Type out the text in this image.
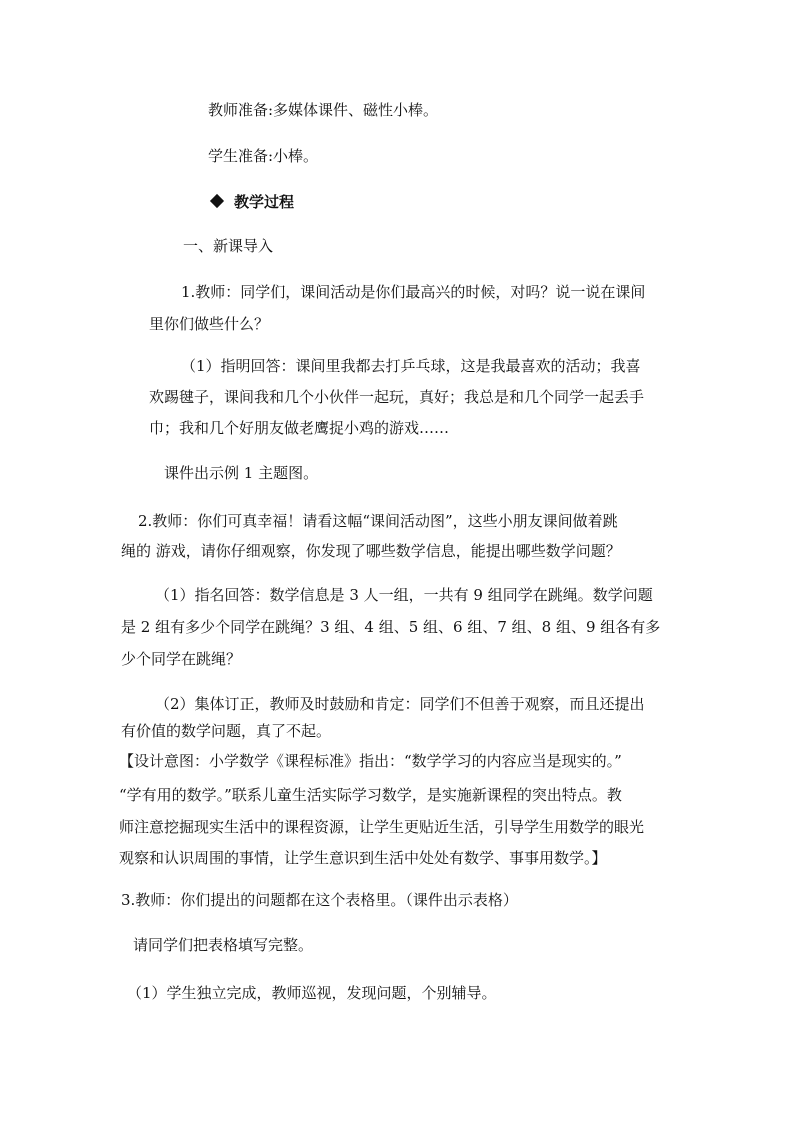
教师准备:多媒体课件、磁性小棒。
学生准备:小棒。
教学过程
一、新课导入
1.教师：同学们，课间活动是你们最高兴的时候，对吗？说一说在课间
里你们做些什么？
（1）指明回答：课间里我都去打乒乓球，这是我最喜欢的活动；我喜
欢踢毽子，课间我和几个小伙伴一起玩，真好；我总是和几个同学一起丢手
巾；我和几个好朋友做老鹰捉小鸡的游戏……
课件出示例 1 主题图。
2.教师：你们可真幸福！请看这幅“课间活动图”，这些小朋友课间做着跳
绳的 游戏，请你仔细观察，你发现了哪些数学信息，能提出哪些数学问题？
（1）指名回答：数学信息是 3 人一组，一共有 9 组同学在跳绳。数学问题
是 2 组有多少个同学在跳绳？3 组、4 组、5 组、6 组、7 组、8 组、9 组各有多
少个同学在跳绳？
（2）集体订正，教师及时鼓励和肯定：同学们不但善于观察，而且还提出
有价值的数学问题，真了不起。
【设计意图：小学数学《课程标准》指出：“数学学习的内容应当是现实的。”
“学有用的数学。”联系儿童生活实际学习数学，是实施新课程的突出特点。教
师注意挖掘现实生活中的课程资源，让学生更贴近生活，引导学生用数学的眼光
观察和认识周围的事情，让学生意识到生活中处处有数学、事事用数学。】
3.教师：你们提出的问题都在这个表格里。（课件出示表格）
请同学们把表格填写完整。
（1）学生独立完成，教师巡视，发现问题，个别辅导。
